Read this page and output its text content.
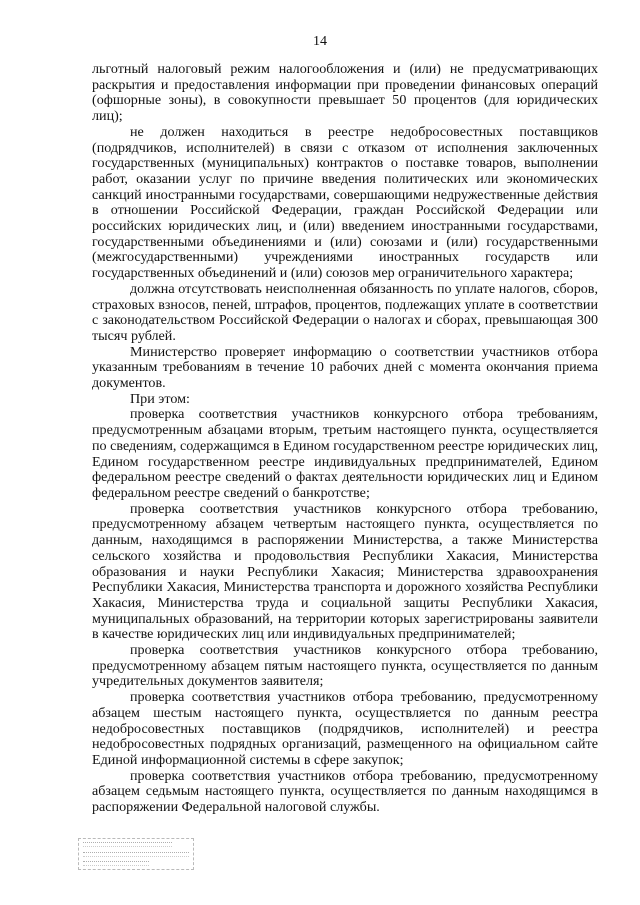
14

льготный налоговый режим налогообложения и (или) не предусматривающих раскрытия и предоставления информации при проведении финансовых операций (офшорные зоны), в совокупности превышает 50 процентов (для юридических лиц);

не должен находиться в реестре недобросовестных поставщиков (подрядчиков, исполнителей) в связи с отказом от исполнения заключенных государственных (муниципальных) контрактов о поставке товаров, выполнении работ, оказании услуг по причине введения политических или экономических санкций иностранными государствами, совершающими недружественные действия в отношении Российской Федерации, граждан Российской Федерации или российских юридических лиц, и (или) введением иностранными государствами, государственными объединениями и (или) союзами и (или) государственными (межгосударственными) учреждениями иностранных государств или государственных объединений и (или) союзов мер ограничительного характера;

должна отсутствовать неисполненная обязанность по уплате налогов, сборов, страховых взносов, пеней, штрафов, процентов, подлежащих уплате в соответствии с законодательством Российской Федерации о налогах и сборах, превышающая 300 тысяч рублей.

Министерство проверяет информацию о соответствии участников отбора указанным требованиям в течение 10 рабочих дней с момента окончания приема документов.

При этом:

проверка соответствия участников конкурсного отбора требованиям, предусмотренным абзацами вторым, третьим настоящего пункта, осуществляется по сведениям, содержащимся в Едином государственном реестре юридических лиц, Едином государственном реестре индивидуальных предпринимателей, Едином федеральном реестре сведений о фактах деятельности юридических лиц и Едином федеральном реестре сведений о банкротстве;

проверка соответствия участников конкурсного отбора требованию, предусмотренному абзацем четвертым настоящего пункта, осуществляется по данным, находящимся в распоряжении Министерства, а также Министерства сельского хозяйства и продовольствия Республики Хакасия, Министерства образования и науки Республики Хакасия; Министерства здравоохранения Республики Хакасия, Министерства транспорта и дорожного хозяйства Республики Хакасия, Министерства труда и социальной защиты Республики Хакасия, муниципальных образований, на территории которых зарегистрированы заявители в качестве юридических лиц или индивидуальных предпринимателей;

проверка соответствия участников конкурсного отбора требованию, предусмотренному абзацем пятым настоящего пункта, осуществляется по данным учредительных документов заявителя;

проверка соответствия участников отбора требованию, предусмотренному абзацем шестым настоящего пункта, осуществляется по данным реестра недобросовестных поставщиков (подрядчиков, исполнителей) и реестра недобросовестных подрядных организаций, размещенного на официальном сайте Единой информационной системы в сфере закупок;

проверка соответствия участников отбора требованию, предусмотренному абзацем седьмым настоящего пункта, осуществляется по данным находящимся в распоряжении Федеральной налоговой службы.
